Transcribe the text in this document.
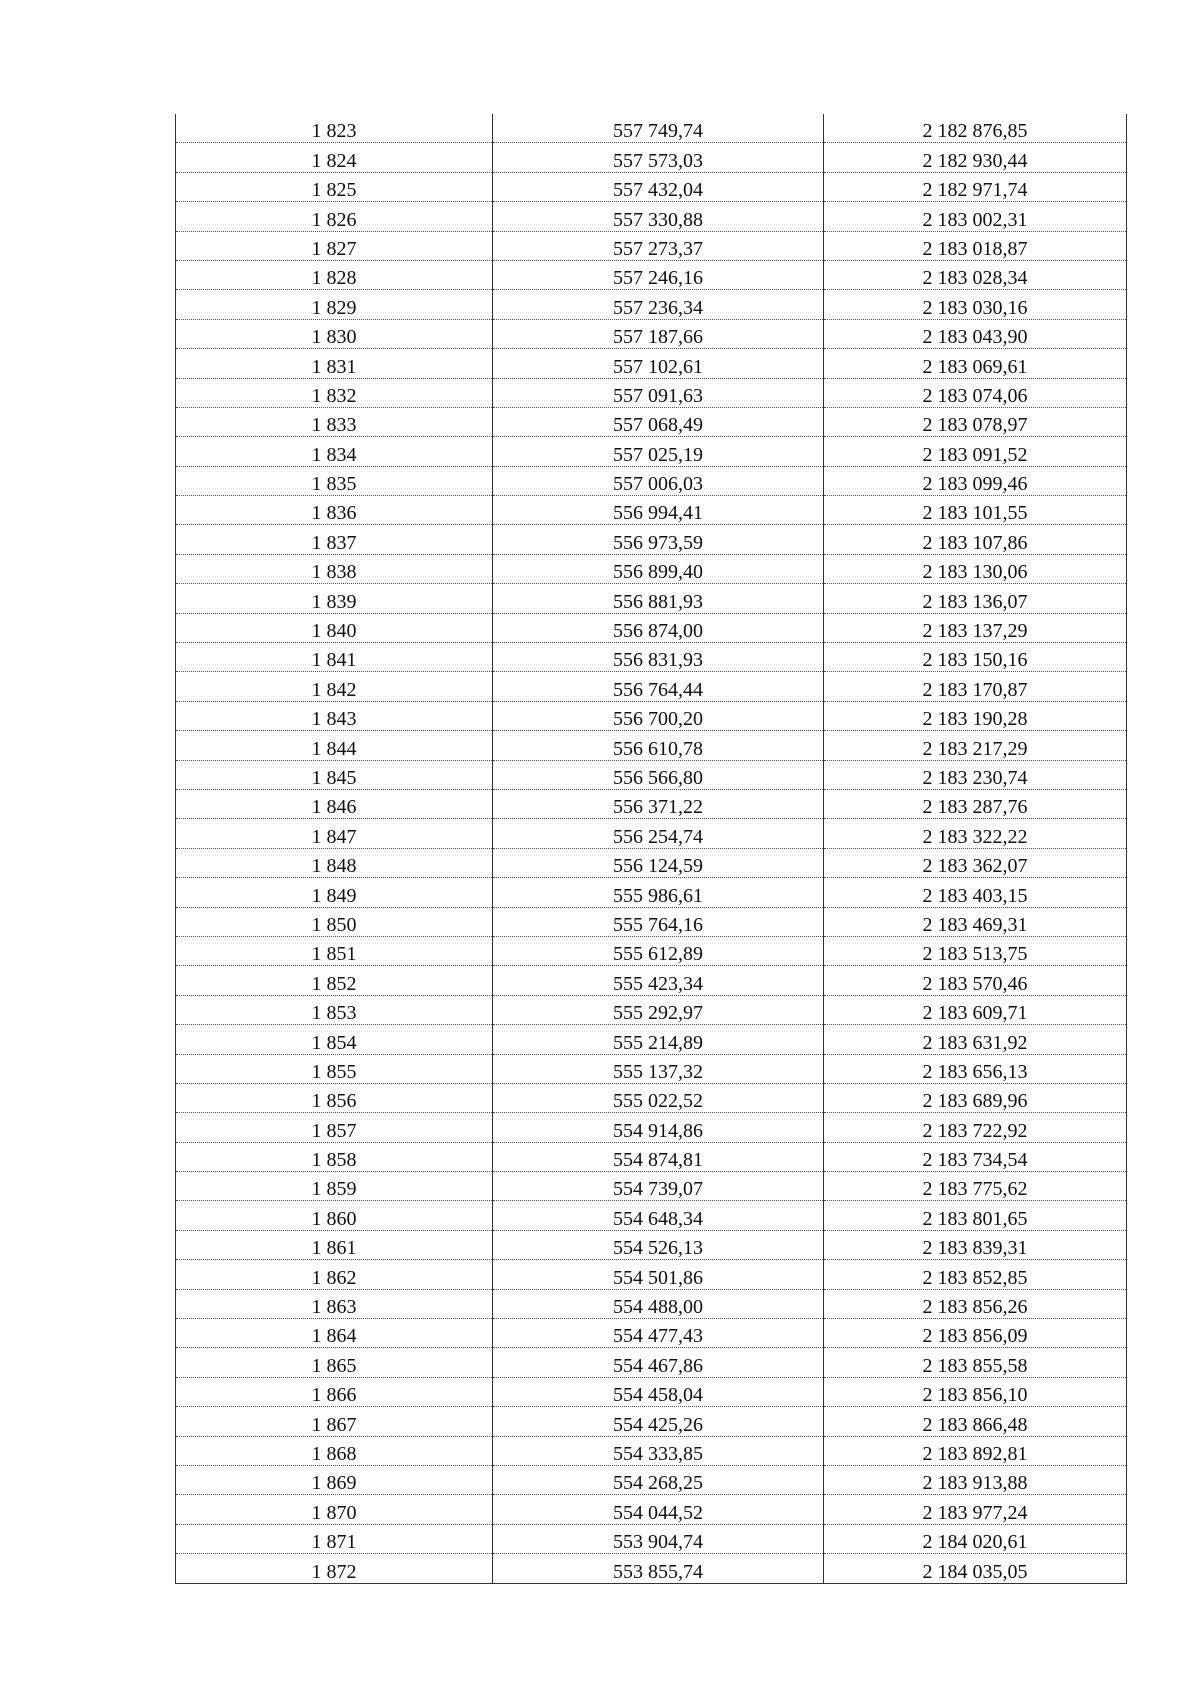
1 823	557 749,74	2 182 876,85
1 824	557 573,03	2 182 930,44
1 825	557 432,04	2 182 971,74
1 826	557 330,88	2 183 002,31
1 827	557 273,37	2 183 018,87
1 828	557 246,16	2 183 028,34
1 829	557 236,34	2 183 030,16
1 830	557 187,66	2 183 043,90
1 831	557 102,61	2 183 069,61
1 832	557 091,63	2 183 074,06
1 833	557 068,49	2 183 078,97
1 834	557 025,19	2 183 091,52
1 835	557 006,03	2 183 099,46
1 836	556 994,41	2 183 101,55
1 837	556 973,59	2 183 107,86
1 838	556 899,40	2 183 130,06
1 839	556 881,93	2 183 136,07
1 840	556 874,00	2 183 137,29
1 841	556 831,93	2 183 150,16
1 842	556 764,44	2 183 170,87
1 843	556 700,20	2 183 190,28
1 844	556 610,78	2 183 217,29
1 845	556 566,80	2 183 230,74
1 846	556 371,22	2 183 287,76
1 847	556 254,74	2 183 322,22
1 848	556 124,59	2 183 362,07
1 849	555 986,61	2 183 403,15
1 850	555 764,16	2 183 469,31
1 851	555 612,89	2 183 513,75
1 852	555 423,34	2 183 570,46
1 853	555 292,97	2 183 609,71
1 854	555 214,89	2 183 631,92
1 855	555 137,32	2 183 656,13
1 856	555 022,52	2 183 689,96
1 857	554 914,86	2 183 722,92
1 858	554 874,81	2 183 734,54
1 859	554 739,07	2 183 775,62
1 860	554 648,34	2 183 801,65
1 861	554 526,13	2 183 839,31
1 862	554 501,86	2 183 852,85
1 863	554 488,00	2 183 856,26
1 864	554 477,43	2 183 856,09
1 865	554 467,86	2 183 855,58
1 866	554 458,04	2 183 856,10
1 867	554 425,26	2 183 866,48
1 868	554 333,85	2 183 892,81
1 869	554 268,25	2 183 913,88
1 870	554 044,52	2 183 977,24
1 871	553 904,74	2 184 020,61
1 872	553 855,74	2 184 035,05
